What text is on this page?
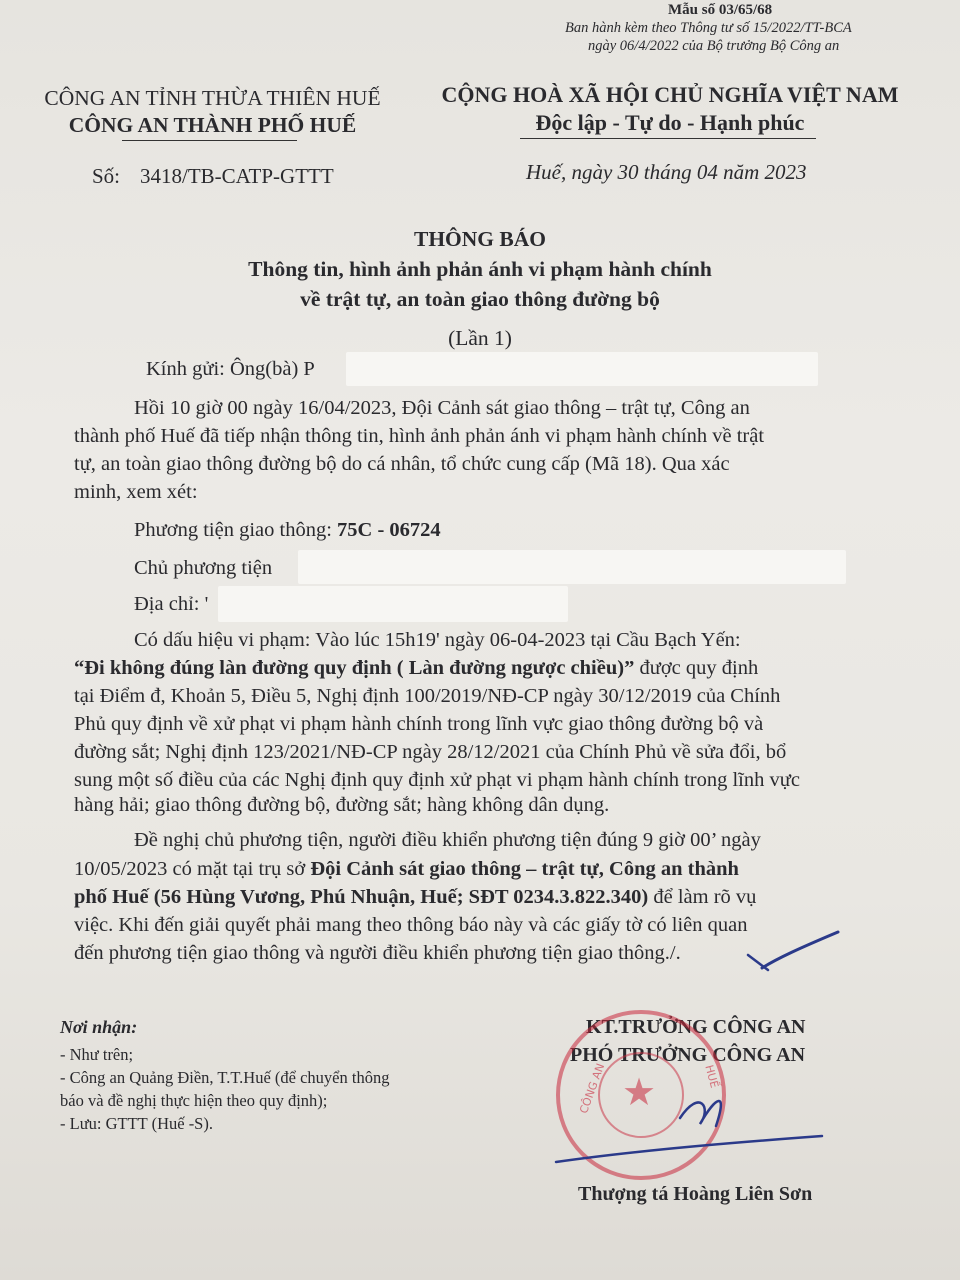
Mẫu số 03/65/68
Ban hành kèm theo Thông tư số 15/2022/TT-BCA
ngày 06/4/2022 của Bộ trưởng Bộ Công an
CÔNG AN TỈNH THỪA THIÊN HUẾ
CÔNG AN THÀNH PHỐ HUẾ
CỘNG HOÀ XÃ HỘI CHỦ NGHĨA VIỆT NAM
Độc lập - Tự do - Hạnh phúc
Số: 3418/TB-CATP-GTTT	Huế, ngày 30 tháng 04 năm 2023
THÔNG BÁO
Thông tin, hình ảnh phản ánh vi phạm hành chính
về trật tự, an toàn giao thông đường bộ
(Lần 1)
Kính gửi: Ông(bà) P
Hồi 10 giờ 00 ngày 16/04/2023, Đội Cảnh sát giao thông – trật tự, Công an
thành phố Huế đã tiếp nhận thông tin, hình ảnh phản ánh vi phạm hành chính về trật
tự, an toàn giao thông đường bộ do cá nhân, tổ chức cung cấp (Mã 18). Qua xác
minh, xem xét:
Phương tiện giao thông: 75C - 06724
Chủ phương tiện
Địa chỉ: '
Có dấu hiệu vi phạm: Vào lúc 15h19' ngày 06-04-2023 tại Cầu Bạch Yến:
“Đi không đúng làn đường quy định ( Làn đường ngược chiều)” được quy định
tại Điểm đ, Khoản 5, Điều 5, Nghị định 100/2019/NĐ-CP ngày 30/12/2019 của Chính
Phủ quy định về xử phạt vi phạm hành chính trong lĩnh vực giao thông đường bộ và
đường sắt; Nghị định 123/2021/NĐ-CP ngày 28/12/2021 của Chính Phủ về sửa đổi, bổ
sung một số điều của các Nghị định quy định xử phạt vi phạm hành chính trong lĩnh vực
hàng hải; giao thông đường bộ, đường sắt; hàng không dân dụng.
Đề nghị chủ phương tiện, người điều khiển phương tiện đúng 9 giờ 00’ ngày
10/05/2023 có mặt tại trụ sở Đội Cảnh sát giao thông – trật tự, Công an thành
phố Huế (56 Hùng Vương, Phú Nhuận, Huế; SĐT 0234.3.822.340) để làm rõ vụ
việc. Khi đến giải quyết phải mang theo thông báo này và các giấy tờ có liên quan
đến phương tiện giao thông và người điều khiển phương tiện giao thông./.
Nơi nhận:
- Như trên;
- Công an Quảng Điền, T.T.Huế (để chuyển thông
báo và đề nghị thực hiện theo quy định);
- Lưu: GTTT (Huế -S).
KT.TRƯỞNG CÔNG AN
PHÓ TRƯỞNG CÔNG AN
★
CÔNG AN	HUẾ
Thượng tá Hoàng Liên Sơn
